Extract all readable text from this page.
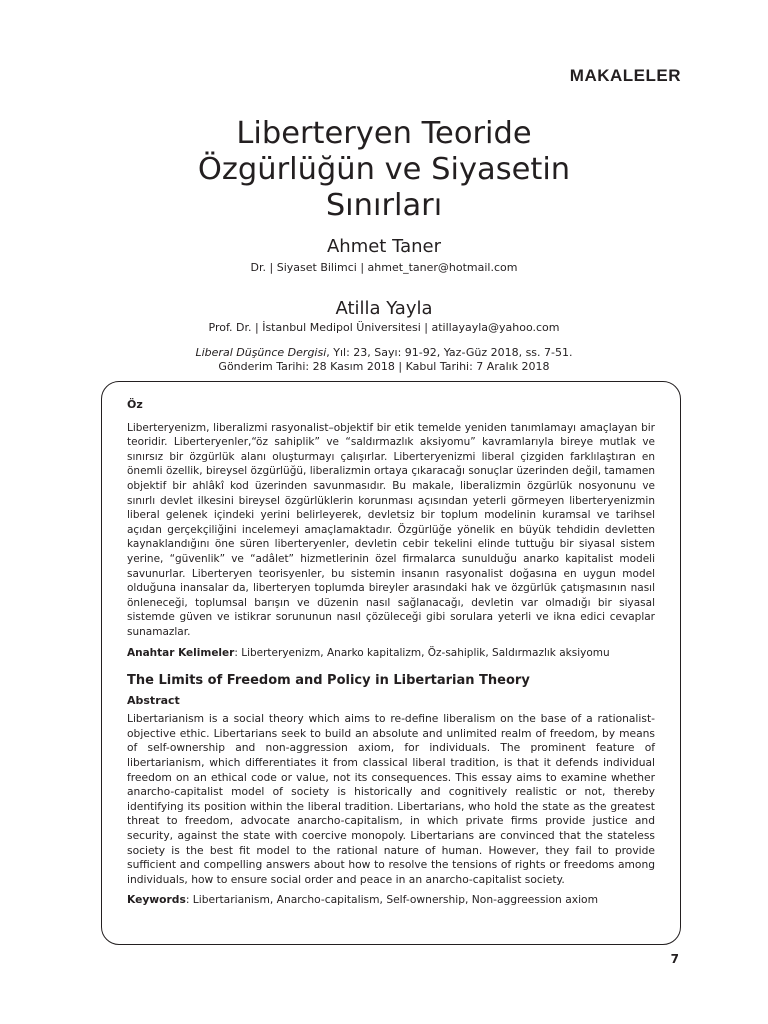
MAKALELER
Liberteryen Teoride
Özgürlüğün ve Siyasetin
Sınırları
Ahmet Taner
Dr. | Siyaset Bilimci | ahmet_taner@hotmail.com
Atilla Yayla
Prof. Dr. | İstanbul Medipol Üniversitesi | atillayayla@yahoo.com
Liberal Düşünce Dergisi, Yıl: 23, Sayı: 91-92, Yaz-Güz 2018, ss. 7-51.
Gönderim Tarihi: 28 Kasım 2018 | Kabul Tarihi: 7 Aralık 2018

Öz

Liberteryenizm, liberalizmi rasyonalist–objektif bir etik temelde yeniden tanımlamayı amaçlayan bir teoridir. Liberteryenler,“öz sahiplik” ve “saldırmazlık aksiyomu” kavramlarıyla bireye mutlak ve sınırsız bir özgürlük alanı oluşturmayı çalışırlar. Liberteryenizmi liberal çizgiden farklılaştıran en önemli özellik, bireysel özgürlüğü, liberalizmin ortaya çıkaracağı sonuçlar üzerinden değil, tamamen objektif bir ahlâkî kod üzerinden savunmasıdır. Bu makale, liberalizmin özgürlük nosyonunu ve sınırlı devlet ilkesini bireysel özgürlüklerin korunması açısından yeterli görmeyen liberteryenizmin liberal gelenek içindeki yerini belirleyerek, devletsiz bir toplum modelinin kuramsal ve tarihsel açıdan gerçekçiliğini incelemeyi amaçlamaktadır. Özgürlüğe yönelik en büyük tehdidin devletten kaynaklandığını öne süren liberteryenler, devletin cebir tekelini elinde tuttuğu bir siyasal sistem yerine, “güvenlik” ve “adâlet” hizmetlerinin özel firmalarca sunulduğu anarko kapitalist modeli savunurlar. Liberteryen teorisyenler, bu sistemin insanın rasyonalist doğasına en uygun model olduğuna inansalar da, liberteryen toplumda bireyler arasındaki hak ve özgürlük çatışmasının nasıl önleneceği, toplumsal barışın ve düzenin nasıl sağlanacağı, devletin var olmadığı bir siyasal sistemde güven ve istikrar sorununun nasıl çözüleceği gibi sorulara yeterli ve ikna edici cevaplar sunamazlar.

Anahtar Kelimeler: Liberteryenizm, Anarko kapitalizm, Öz-sahiplik, Saldırmazlık aksiyomu

The Limits of Freedom and Policy in Libertarian Theory

Abstract

Libertarianism is a social theory which aims to re-define liberalism on the base of a rationalist-objective ethic. Libertarians seek to build an absolute and unlimited realm of freedom, by means of self-ownership and non-aggression axiom, for individuals. The prominent feature of libertarianism, which differentiates it from classical liberal tradition, is that it defends individual freedom on an ethical code or value, not its consequences. This essay aims to examine whether anarcho-capitalist model of society is historically and cognitively realistic or not, thereby identifying its position within the liberal tradition. Libertarians, who hold the state as the greatest threat to freedom, advocate anarcho-capitalism, in which private firms provide justice and security, against the state with coercive monopoly. Libertarians are convinced that the stateless society is the best fit model to the rational nature of human. However, they fail to provide sufficient and compelling answers about how to resolve the tensions of rights or freedoms among individuals, how to ensure social order and peace in an anarcho-capitalist society.

Keywords: Libertarianism, Anarcho-capitalism, Self-ownership, Non-aggreession axiom

7
